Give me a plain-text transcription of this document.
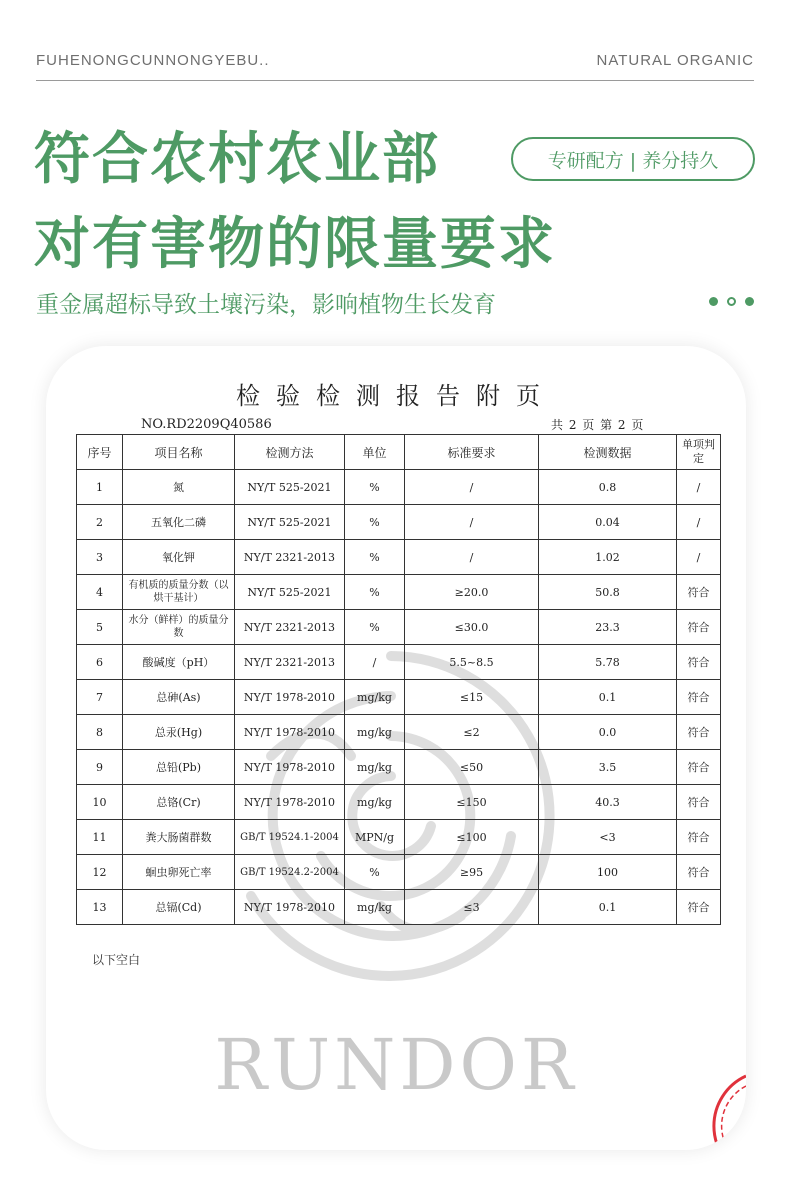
FUHENONGCUNNONGYEBU..	NATURAL ORGANIC
符合农村农业部
对有害物的限量要求
专研配方 | 养分持久
重金属超标导致土壤污染，影响植物生长发育
检验检测报告附页
NO.RD2209Q40586	共 2 页 第 2 页
序号	项目名称	检测方法	单位	标准要求	检测数据	单项判定
1	氮	NY/T 525-2021	%	/	0.8	/
2	五氧化二磷	NY/T 525-2021	%	/	0.04	/
3	氧化钾	NY/T 2321-2013	%	/	1.02	/
4	有机质的质量分数（以烘干基计）	NY/T 525-2021	%	≥20.0	50.8	符合
5	水分（鲜样）的质量分数	NY/T 2321-2013	%	≤30.0	23.3	符合
6	酸碱度（pH）	NY/T 2321-2013	/	5.5~8.5	5.78	符合
7	总砷(As)	NY/T 1978-2010	mg/kg	≤15	0.1	符合
8	总汞(Hg)	NY/T 1978-2010	mg/kg	≤2	0.0	符合
9	总铅(Pb)	NY/T 1978-2010	mg/kg	≤50	3.5	符合
10	总铬(Cr)	NY/T 1978-2010	mg/kg	≤150	40.3	符合
11	粪大肠菌群数	GB/T 19524.1-2004	MPN/g	≤100	<3	符合
12	蛔虫卵死亡率	GB/T 19524.2-2004	%	≥95	100	符合
13	总镉(Cd)	NY/T 1978-2010	mg/kg	≤3	0.1	符合
以下空白
RUNDOR
